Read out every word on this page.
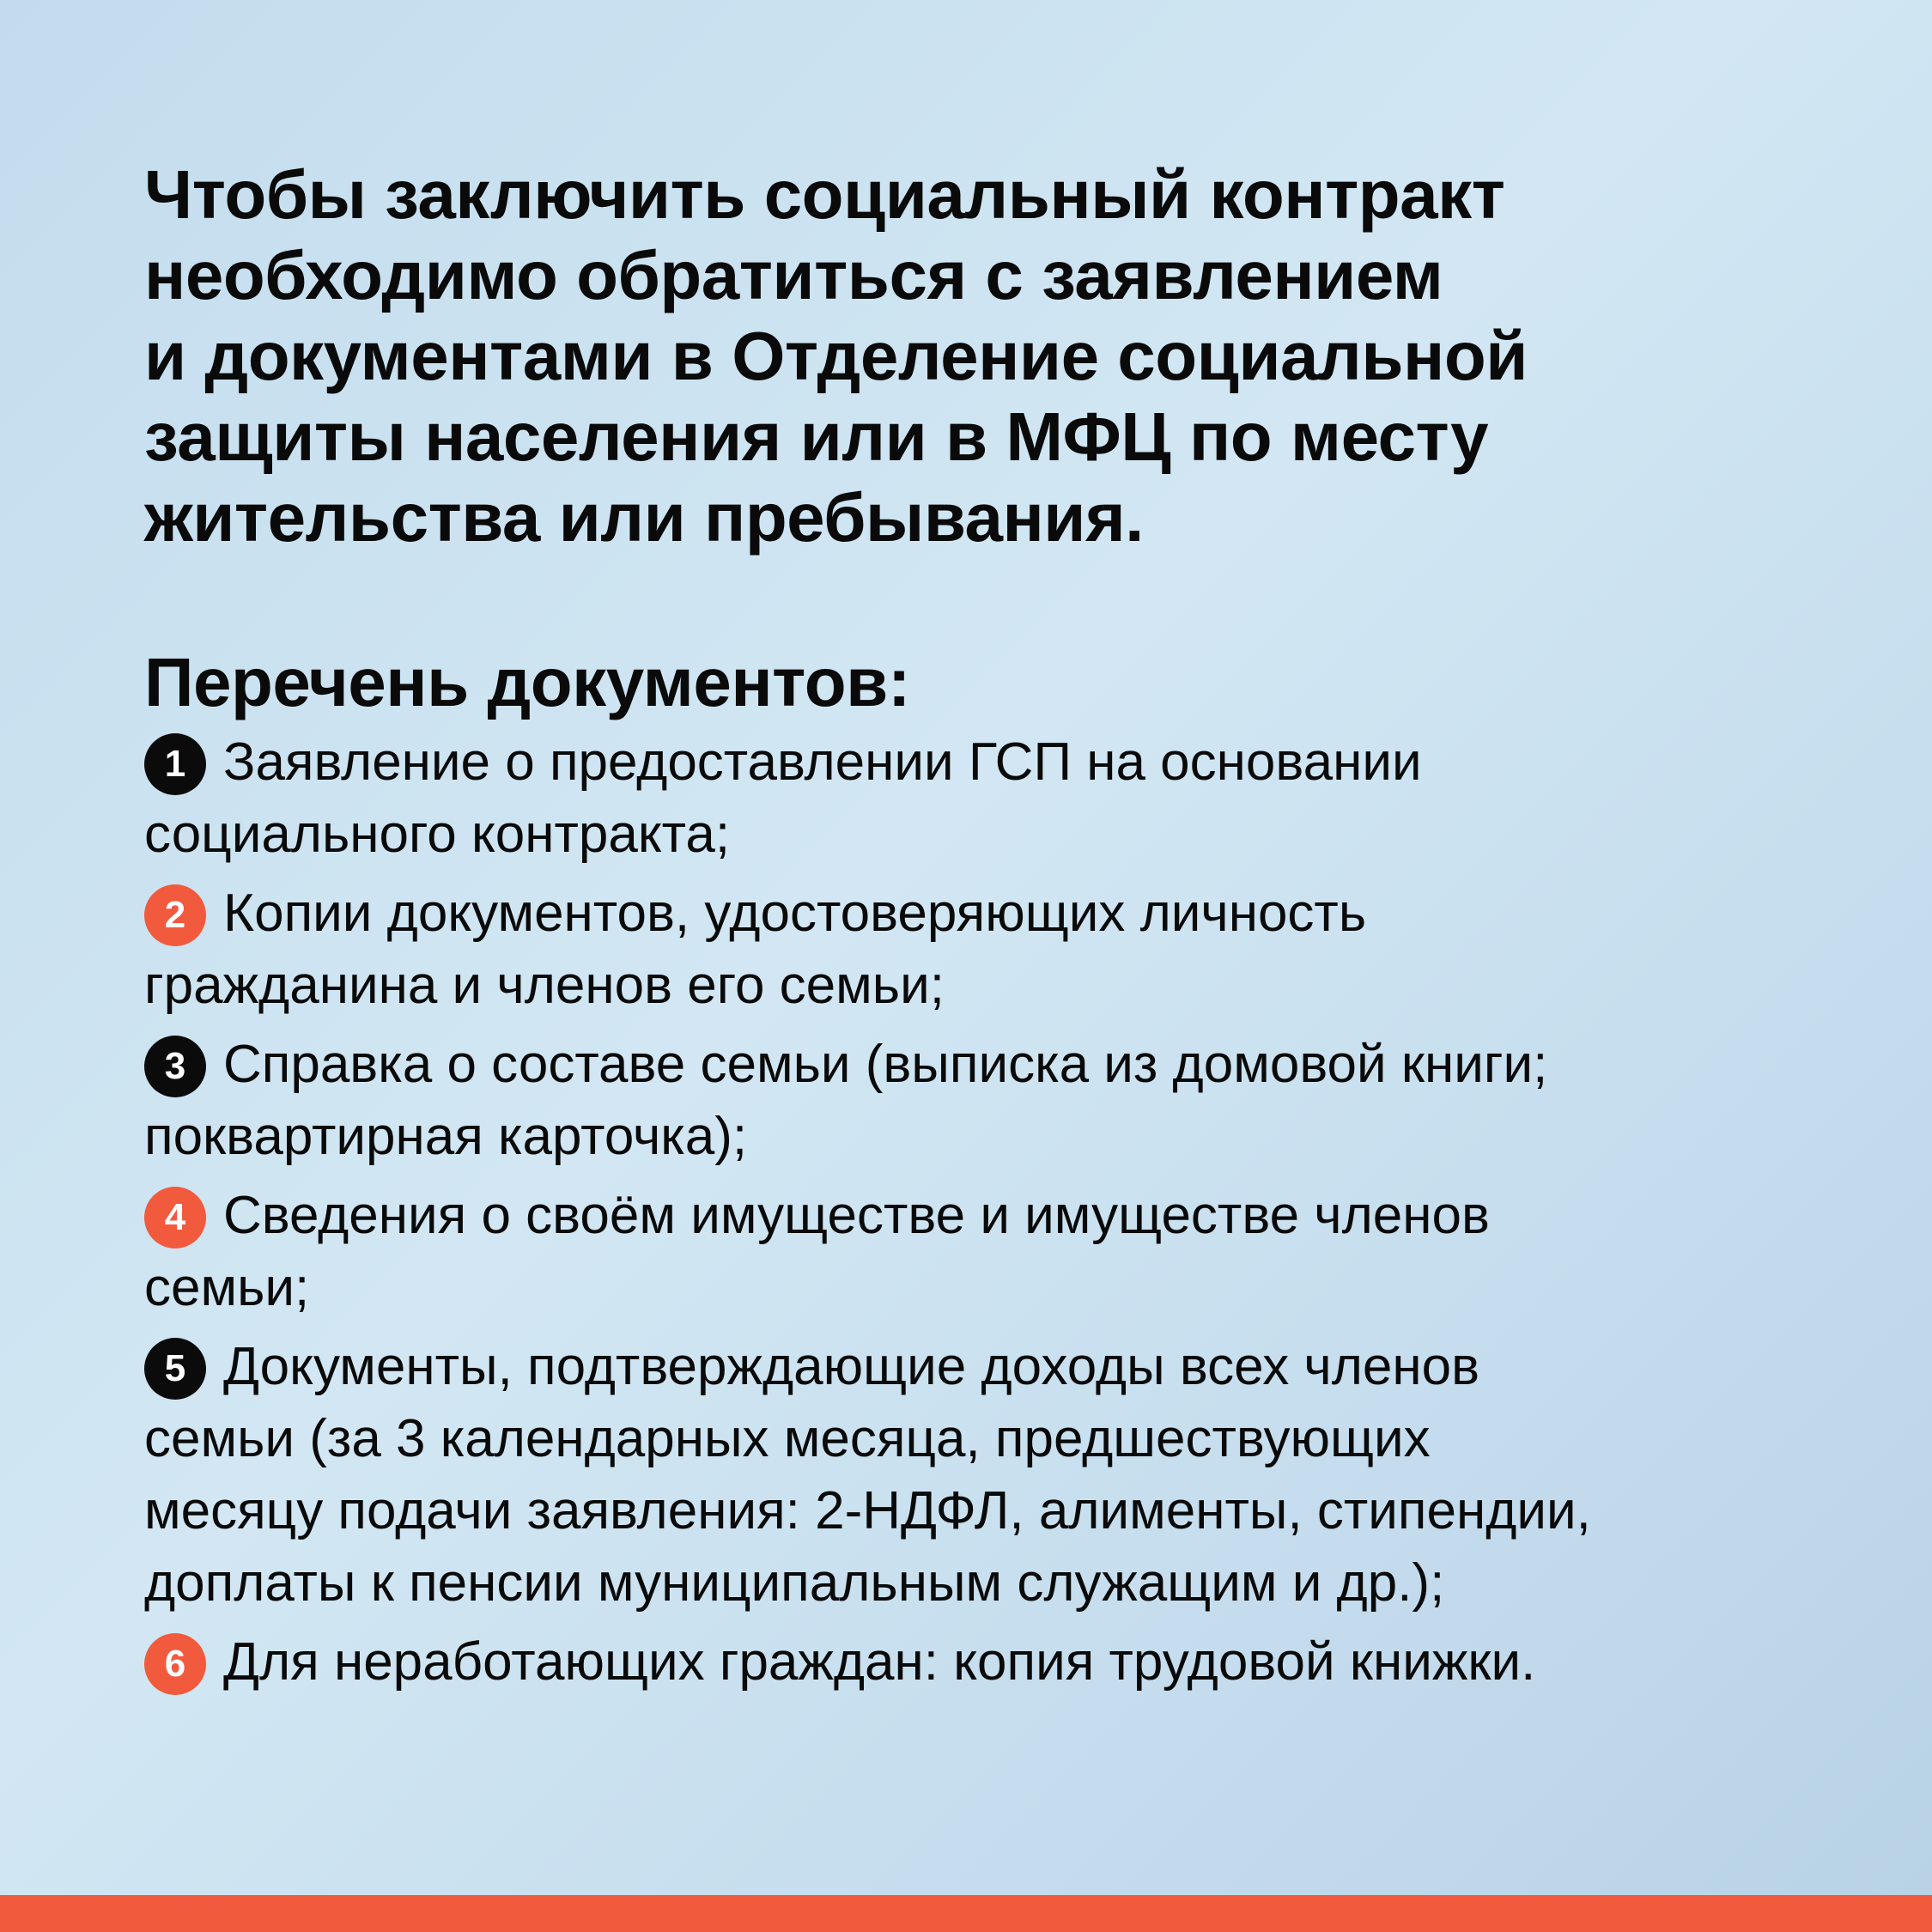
Чтобы заключить социальный контракт
необходимо обратиться с заявлением
и документами в Отделение социальной
защиты населения или в МФЦ по месту
жительства или пребывания.
Перечень документов:
1 Заявление о предоставлении ГСП на основании
социального контракта;
2 Копии документов, удостоверяющих личность
гражданина и членов его семьи;
3 Справка о составе семьи (выписка из домовой книги;
поквартирная карточка);
4 Сведения о своём имуществе и имуществе членов
семьи;
5 Документы, подтверждающие доходы всех членов
семьи (за 3 календарных месяца, предшествующих
месяцу подачи заявления: 2-НДФЛ, алименты, стипендии,
доплаты к пенсии муниципальным служащим и др.);
6 Для неработающих граждан: копия трудовой книжки.
